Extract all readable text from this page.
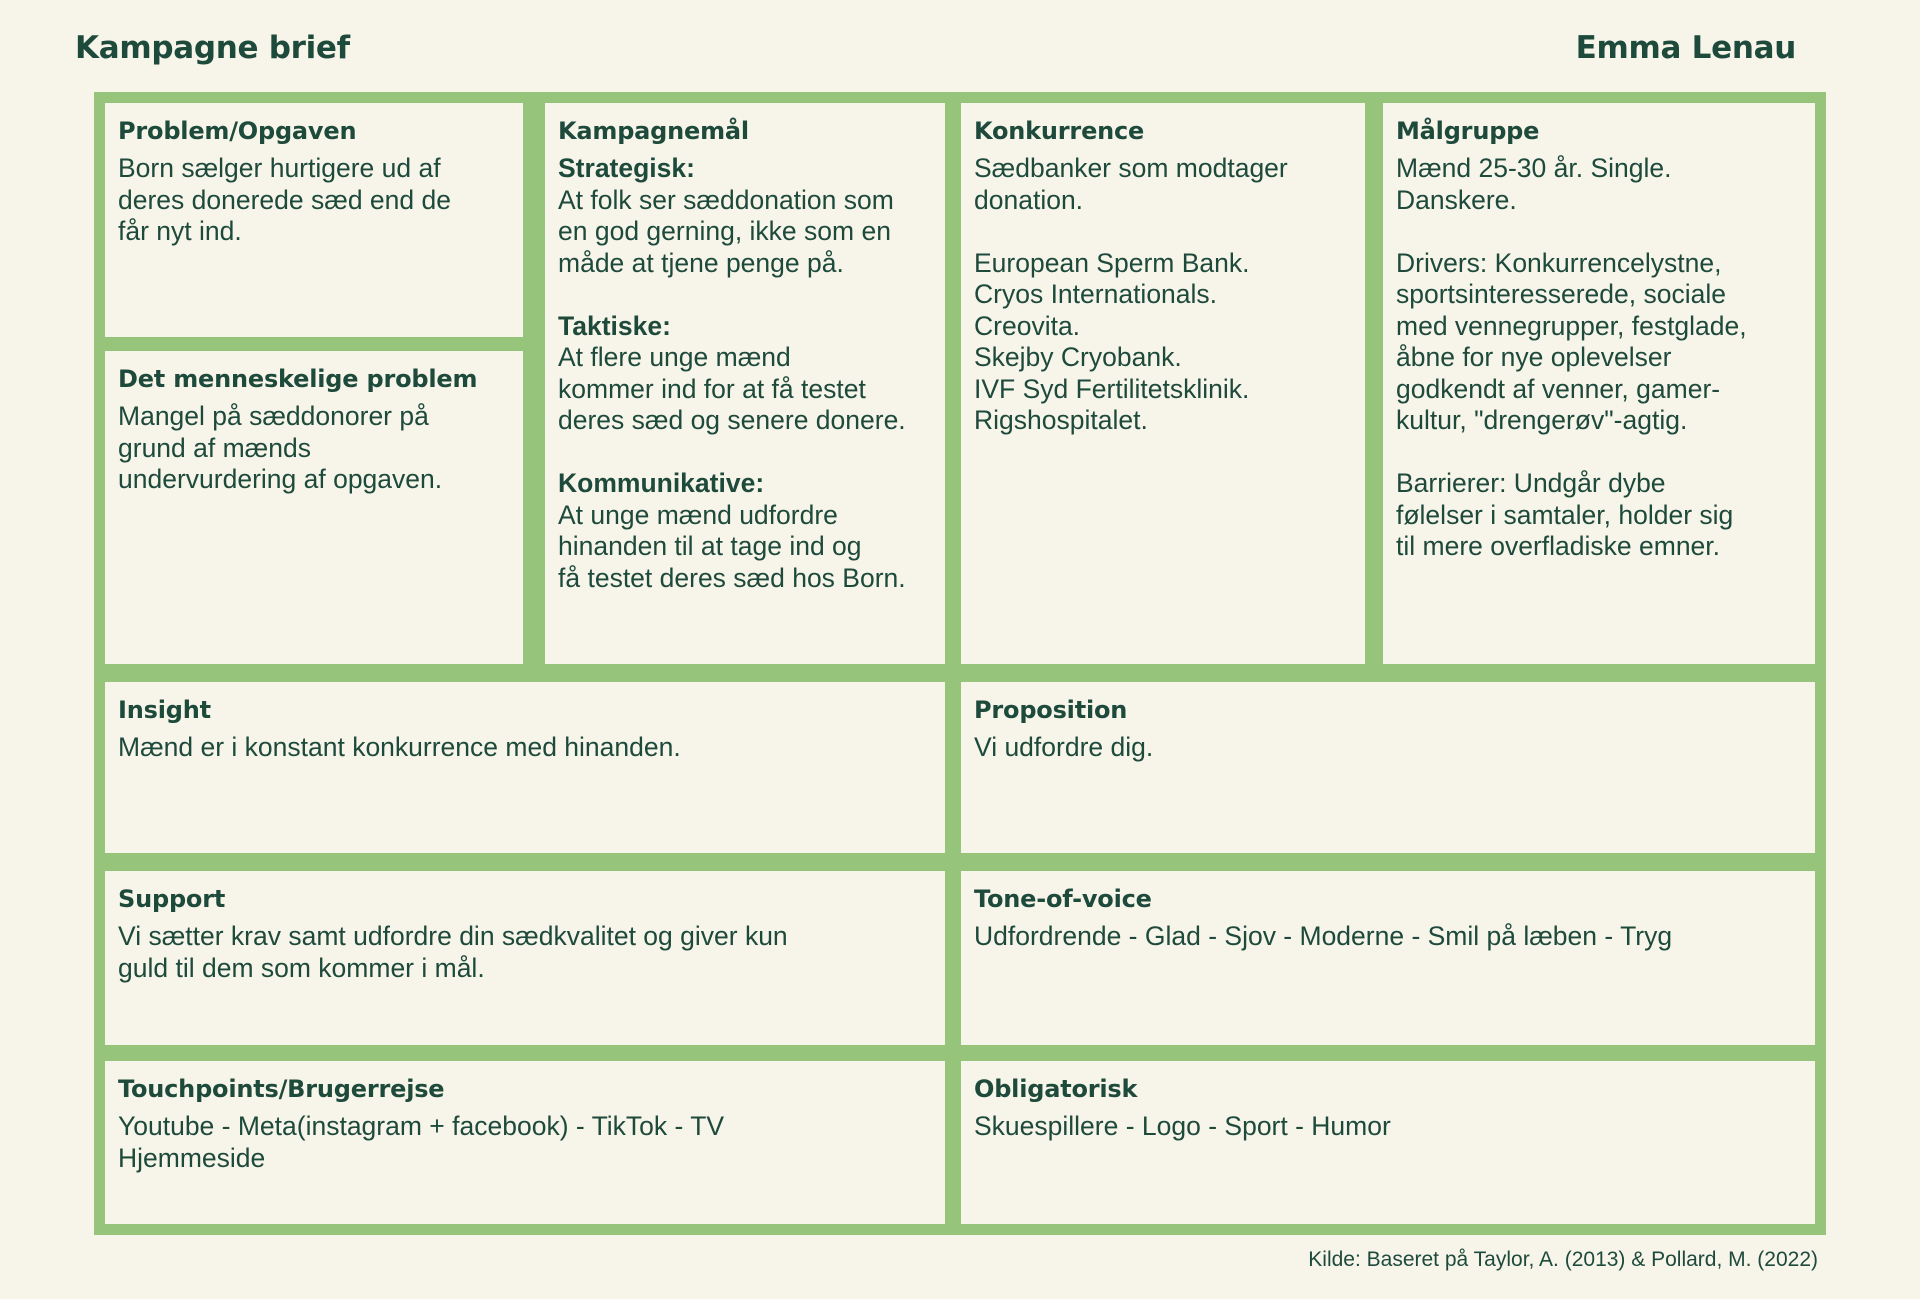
Kampagne brief	Emma Lenau
Problem/Opgaven

Born sælger hurtigere ud af
deres donerede sæd end de
får nyt ind.

Det menneskelige problem

Mangel på sæddonorer på
grund af mænds
undervurdering af opgaven.

Kampagnemål

Strategisk:

At folk ser sæddonation som
en god gerning, ikke som en
måde at tjene penge på.

Taktiske:

At flere unge mænd
kommer ind for at få testet
deres sæd og senere donere.

Kommunikative:

At unge mænd udfordre
hinanden til at tage ind og
få testet deres sæd hos Born.

Konkurrence

Sædbanker som modtager
donation.

European Sperm Bank.
Cryos Internationals.
Creovita.
Skejby Cryobank.
IVF Syd Fertilitetsklinik.
Rigshospitalet.

Målgruppe

Mænd 25-30 år. Single.
Danskere.

Drivers: Konkurrencelystne,
sportsinteresserede, sociale
med vennegrupper, festglade,
åbne for nye oplevelser
godkendt af venner, gamer-
kultur, "drengerøv"-agtig.

Barrierer: Undgår dybe
følelser i samtaler, holder sig
til mere overfladiske emner.

Insight

Mænd er i konstant konkurrence med hinanden.

Proposition

Vi udfordre dig.

Support

Vi sætter krav samt udfordre din sædkvalitet og giver kun
guld til dem som kommer i mål.

Tone-of-voice

Udfordrende - Glad - Sjov - Moderne - Smil på læben - Tryg

Touchpoints/Brugerrejse

Youtube - Meta(instagram + facebook) - TikTok - TV
Hjemmeside

Obligatorisk

Skuespillere - Logo - Sport - Humor

Kilde: Baseret på Taylor, A. (2013) & Pollard, M. (2022)
